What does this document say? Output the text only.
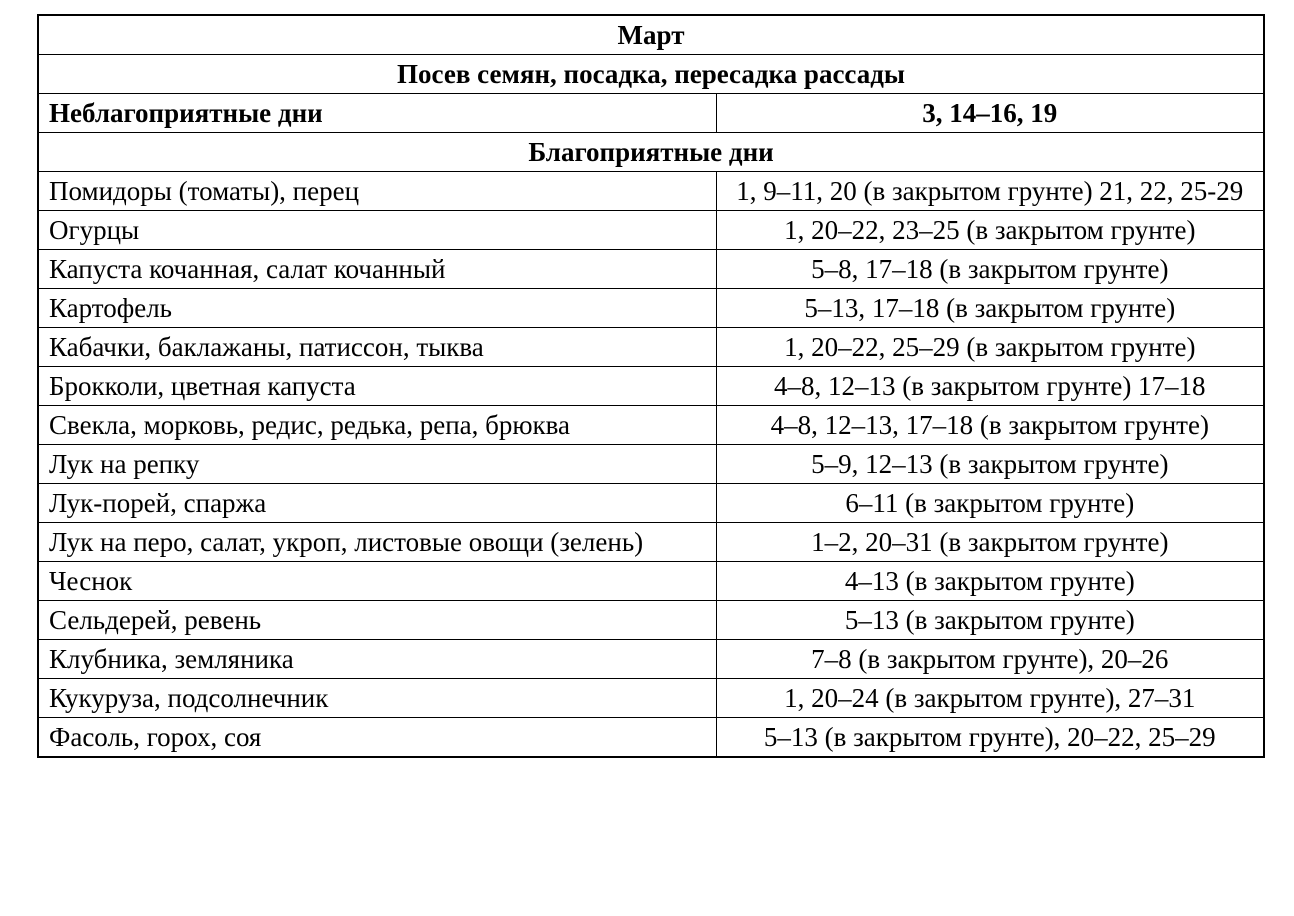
Март	
Посев семян, посадка, пересадка рассады	
Неблагоприятные дни	3, 14–16, 19
Благоприятные дни	
Помидоры (томаты), перец	1, 9–11, 20 (в закрытом грунте) 21, 22, 25-29
Огурцы	1, 20–22, 23–25 (в закрытом грунте)
Капуста кочанная, салат кочанный	5–8, 17–18 (в закрытом грунте)
Картофель	5–13, 17–18 (в закрытом грунте)
Кабачки, баклажаны, патиссон, тыква	1, 20–22, 25–29 (в закрытом грунте)
Брокколи, цветная капуста	4–8, 12–13 (в закрытом грунте) 17–18
Свекла, морковь, редис, редька, репа, брюква	4–8, 12–13, 17–18 (в закрытом грунте)
Лук на репку	5–9, 12–13 (в закрытом грунте)
Лук-порей, спаржа	6–11 (в закрытом грунте)
Лук на перо, салат, укроп, листовые овощи (зелень)	1–2, 20–31 (в закрытом грунте)
Чеснок	4–13 (в закрытом грунте)
Сельдерей, ревень	5–13 (в закрытом грунте)
Клубника, земляника	7–8 (в закрытом грунте), 20–26
Кукуруза, подсолнечник	1, 20–24 (в закрытом грунте), 27–31
Фасоль, горох, соя	5–13 (в закрытом грунте), 20–22, 25–29
